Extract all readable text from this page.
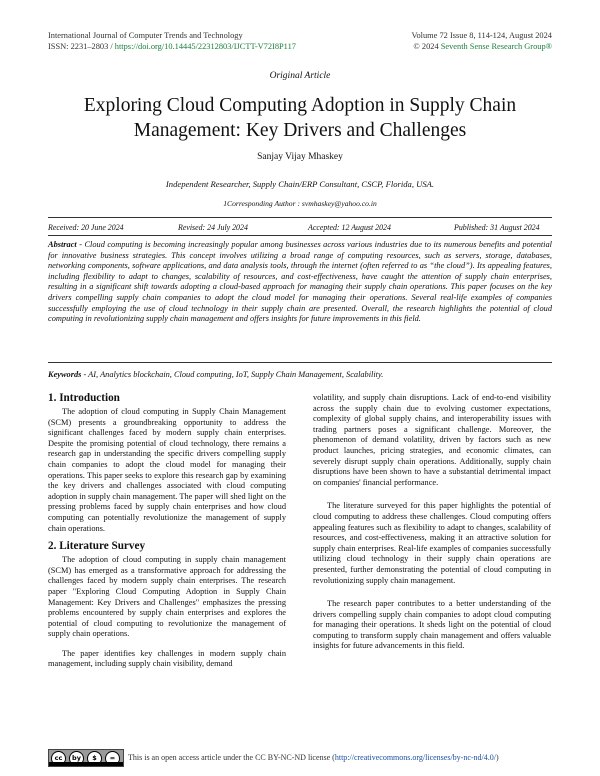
International Journal of Computer Trends and Technology
ISSN: 2231–2803 / https://doi.org/10.14445/22312803/IJCTT-V72I8P117
Volume 72 Issue 8, 114-124, August 2024
© 2024 Seventh Sense Research Group®
Original Article
Exploring Cloud Computing Adoption in Supply Chain Management: Key Drivers and Challenges
Sanjay Vijay Mhaskey
Independent Researcher, Supply Chain/ERP Consultant, CSCP, Florida, USA.
1Corresponding Author : svmhaskey@yahoo.co.in
Received: 20 June 2024	Revised: 24 July 2024	Accepted: 12 August 2024	Published: 31 August 2024
Abstract - Cloud computing is becoming increasingly popular among businesses across various industries due to its numerous benefits and potential for innovative business strategies. This concept involves utilizing a broad range of computing resources, such as servers, storage, databases, networking components, software applications, and data analysis tools, through the internet (often referred to as “the cloud”). Its appealing features, including flexibility to adapt to changes, scalability of resources, and cost-effectiveness, have caught the attention of supply chain enterprises, resulting in a significant shift towards adopting a cloud-based approach for managing their supply chain operations. This paper focuses on the key drivers compelling supply chain companies to adopt the cloud model for managing their operations. Several real-life examples of companies successfully employing the use of cloud technology in their supply chain are presented. Overall, the research highlights the potential of cloud computing in revolutionizing supply chain management and offers insights for future improvements in this field.
Keywords - AI, Analytics blockchain, Cloud computing, IoT, Supply Chain Management, Scalability.
1. Introduction

The adoption of cloud computing in Supply Chain Management (SCM) presents a groundbreaking opportunity to address the significant challenges faced by modern supply chain enterprises. Despite the promising potential of cloud technology, there remains a research gap in understanding the specific drivers compelling supply chain companies to adopt the cloud model for managing their operations. This paper seeks to explore this research gap by examining the key drivers and challenges associated with cloud computing adoption in supply chain management. The paper will shed light on the pressing problems faced by supply chain enterprises and how cloud computing can potentially revolutionize the management of supply chain operations.

2. Literature Survey

The adoption of cloud computing in supply chain management (SCM) has emerged as a transformative approach for addressing the challenges faced by modern supply chain enterprises. The research paper "Exploring Cloud Computing Adoption in Supply Chain Management: Key Drivers and Challenges" emphasizes the pressing problems encountered by supply chain enterprises and explores the potential of cloud computing to revolutionize the management of supply chain operations.

The paper identifies key challenges in modern supply chain management, including supply chain visibility, demand

volatility, and supply chain disruptions. Lack of end-to-end visibility across the supply chain due to evolving customer expectations, complexity of global supply chains, and interoperability issues with trading partners poses a significant challenge. Moreover, the phenomenon of demand volatility, driven by factors such as new product launches, pricing strategies, and economic climates, can severely disrupt supply chain operations. Additionally, supply chain disruptions have been shown to have a substantial detrimental impact on companies' financial performance.

The literature surveyed for this paper highlights the potential of cloud computing to address these challenges. Cloud computing offers appealing features such as flexibility to adapt to changes, scalability of resources, and cost-effectiveness, making it an attractive solution for supply chain enterprises. Real-life examples of companies successfully utilizing cloud technology in their supply chain operations are presented, further demonstrating the potential of cloud computing in revolutionizing supply chain management.

The research paper contributes to a better understanding of the drivers compelling supply chain companies to adopt cloud computing for managing their operations. It sheds light on the potential of cloud computing to transform supply chain management and offers valuable insights for future advancements in this field.

cc	by	$	=	This is an open access article under the CC BY-NC-ND license (http://creativecommons.org/licenses/by-nc-nd/4.0/)
